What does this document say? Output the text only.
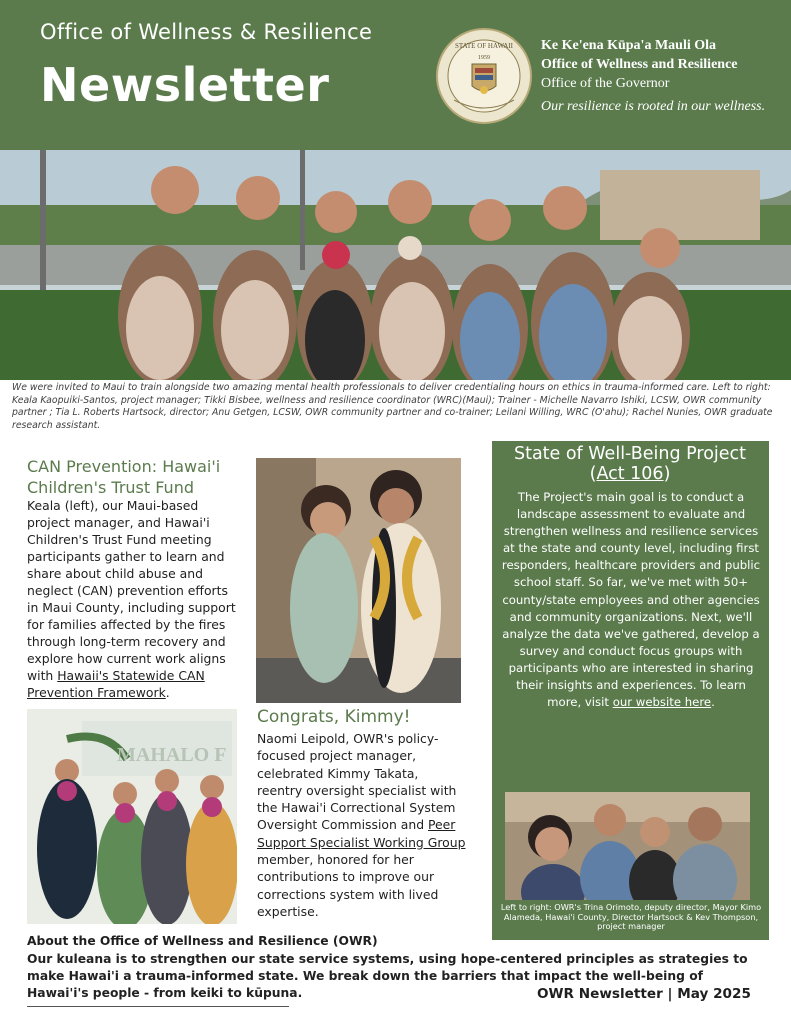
Office of Wellness & Resilience
Newsletter
STATE OF HAWAII
1959
Ke Ke'ena Kūpa'a Mauli Ola
Office of Wellness and Resilience
Office of the Governor
Our resilience is rooted in our wellness.
We were invited to Maui to train alongside two amazing mental health professionals to deliver credentialing hours on ethics in trauma-informed care. Left to right: Keala Kaopuiki-Santos, project manager; Tikki Bisbee, wellness and resilience coordinator (WRC)(Maui); Trainer - Michelle Navarro Ishiki, LCSW, OWR community partner ; Tia L. Roberts Hartsock, director; Anu Getgen, LCSW, OWR community partner and co-trainer; Leilani Willing, WRC (O'ahu); Rachel Nunies, OWR graduate research assistant.
CAN Prevention: Hawai'i Children's Trust Fund
Keala (left), our Maui-based project manager, and Hawai'i Children's Trust Fund meeting participants gather to learn and share about child abuse and neglect (CAN) prevention efforts in Maui County, including support for families affected by the fires through long-term recovery and explore how current work aligns with Hawaii's Statewide CAN Prevention Framework.
MAHALO F
Congrats, Kimmy!
Naomi Leipold, OWR's policy-focused project manager, celebrated Kimmy Takata, reentry oversight specialist with the Hawai'i Correctional System Oversight Commission and Peer Support Specialist Working Group member, honored for her contributions to improve our corrections system with lived expertise.
State of Well-Being Project (Act 106)
The Project's main goal is to conduct a landscape assessment to evaluate and strengthen wellness and resilience services at the state and county level, including first responders, healthcare providers and public school staff. So far, we've met with 50+ county/state employees and other agencies and community organizations. Next, we'll analyze the data we've gathered, develop a survey and conduct focus groups with participants who are interested in sharing their insights and experiences. To learn more, visit our website here.
Left to right: OWR's Trina Orimoto, deputy director, Mayor Kimo Alameda, Hawai'i County, Director Hartsock & Kev Thompson, project manager
About the Office of Wellness and Resilience (OWR)
Our kuleana is to strengthen our state service systems, using hope-centered principles as strategies to make Hawai'i a trauma-informed state. We break down the barriers that impact the well-being of Hawai'i's people - from keiki to kūpuna.	OWR Newsletter | May 2025
